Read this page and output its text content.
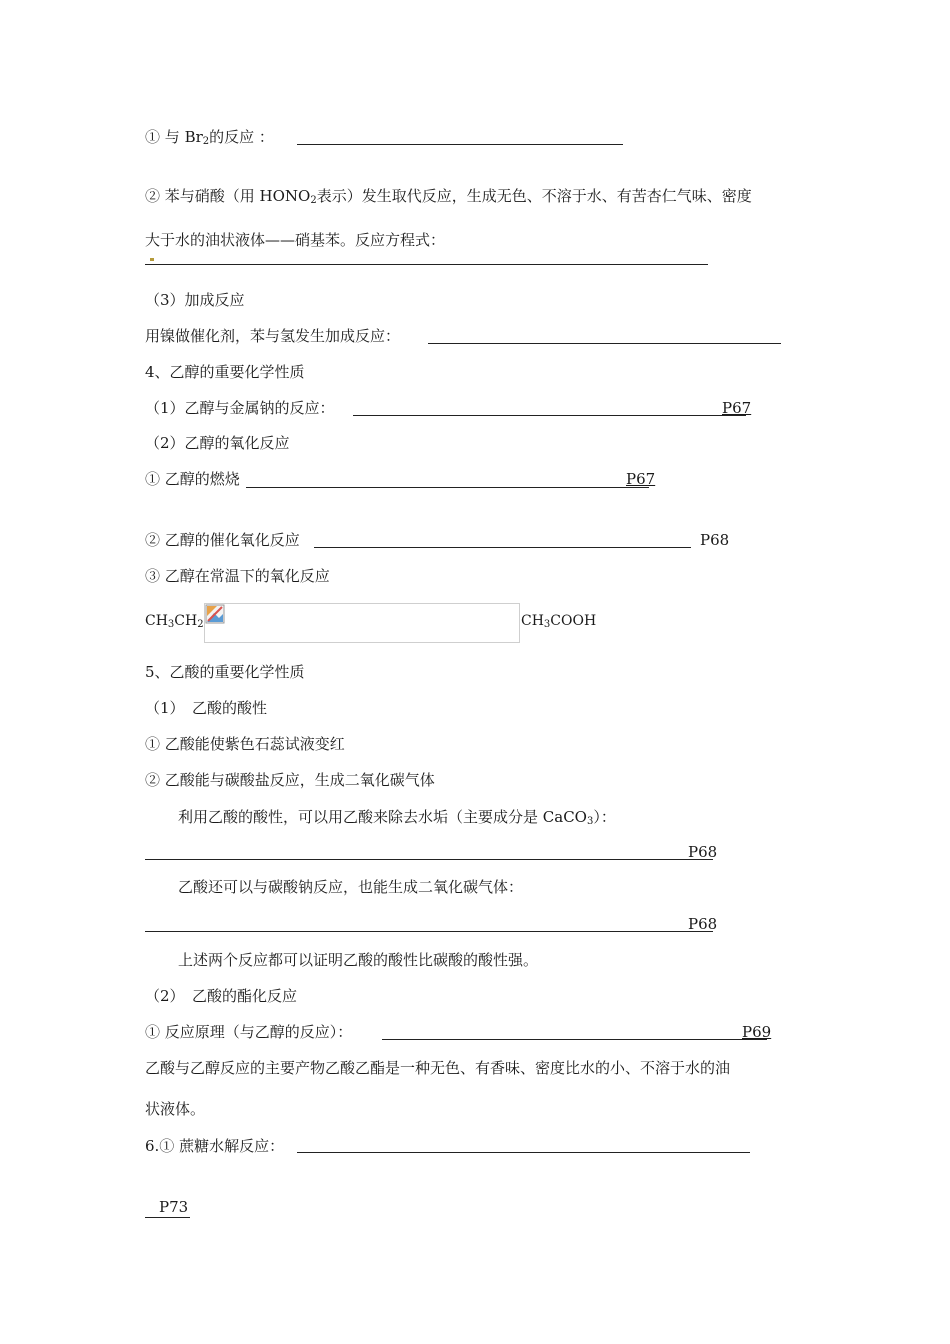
① 与 $Br_2$的反应 ：
② 苯与硝酸（用 $HONO_2$表示）发生取代反应，生成无色、不溶于水、有苦杏仁气味、密度
大于水的油状液体——硝基苯。反应方程式：
（3）加成反应
用镍做催化剂，苯与氢发生加成反应：
4、乙醇的重要化学性质
（1）乙醇与金属钠的反应：	P67
（2）乙醇的氧化反应
① 乙醇的燃烧	P67
② 乙醇的催化氧化反应	P68
③ 乙醇在常温下的氧化反应
$CH_3CH_2$	$CH_3COOH$
5、乙酸的重要化学性质
（1）　乙酸的酸性
① 乙酸能使紫色石蕊试液变红
② 乙酸能与碳酸盐反应，生成二氧化碳气体
利用乙酸的酸性，可以用乙酸来除去水垢（主要成分是 CaCO$_3$）：
P68
乙酸还可以与碳酸钠反应，也能生成二氧化碳气体：
P68
上述两个反应都可以证明乙酸的酸性比碳酸的酸性强。
（2）　乙酸的酯化反应
① 反应原理（与乙醇的反应）：	P69
乙酸与乙醇反应的主要产物乙酸乙酯是一种无色、有香味、密度比水的小、不溶于水的油
状液体。
6.① 蔗糖水解反应：
P73
